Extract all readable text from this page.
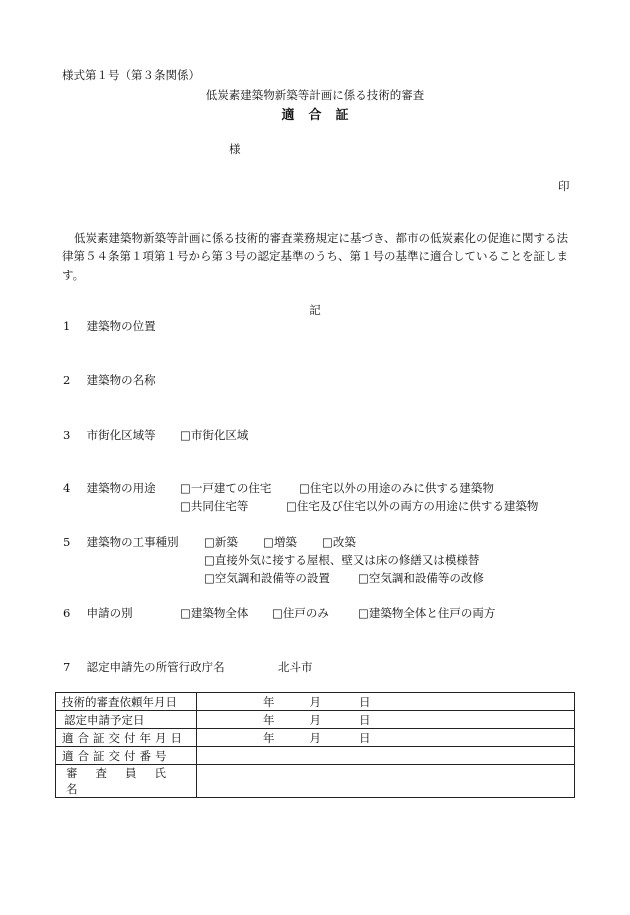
様式第１号（第３条関係）
低炭素建築物新築等計画に係る技術的審査
適合証
様
印
低炭素建築物新築等計画に係る技術的審査業務規定に基づき、都市の低炭素化の促進に関する法律第５４条第１項第１号から第３号の認定基準のうち、第１号の基準に適合していることを証します。
記
1 建築物の位置
2 建築物の名称
3 市街化区域等 □	市街化区域
4 建築物の用途 □	一戸建ての住宅 □	住宅以外の用途のみに供する建築物
□ 共同住宅等 □	住宅及び住宅以外の両方の用途に供する建築物
5 建築物の工事種別 □	新築 □	増築 □	改築
□ 直接外気に接する屋根、壁又は床の修繕又は模様替
□ 空気調和設備等の設置 □	空気調和設備等の改修
6 申請の別 □	建築物全体 □	住戸のみ □	建築物全体と住戸の両方
7 認定申請先の所管行政庁名	北斗市
技術的審査依頼年月日	年 月 日

認定申請予定日	年 月 日

適合証交付年月日	年 月 日

適合証交付番号	

審査員氏名	
